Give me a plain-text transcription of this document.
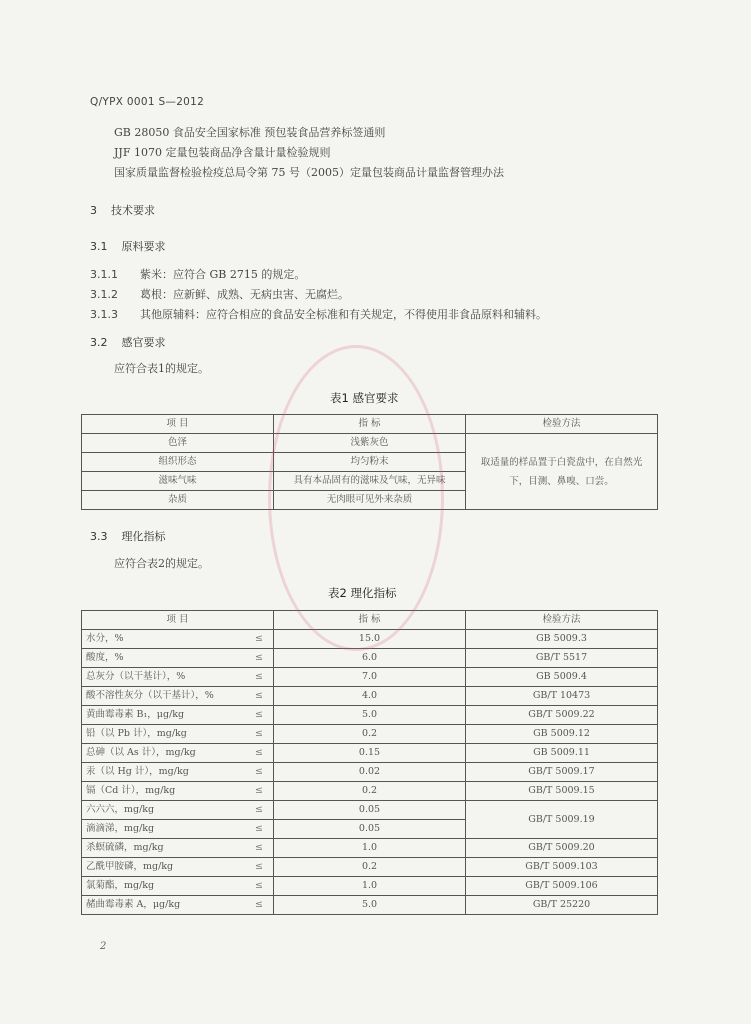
Q/YPX 0001 S—2012
GB 28050 食品安全国家标准 预包装食品营养标签通则
JJF 1070 定量包装商品净含量计量检验规则
国家质量监督检验检疫总局令第 75 号（2005）定量包装商品计量监督管理办法
3 技术要求
3.1 原料要求
3.1.1 紫米：应符合 GB 2715 的规定。
3.1.2 葛根：应新鲜、成熟、无病虫害、无腐烂。
3.1.3 其他原辅料：应符合相应的食品安全标准和有关规定，不得使用非食品原料和辅料。
3.2 感官要求
应符合表1的规定。
表1 感官要求
项 目	指 标	检验方法
色泽	浅紫灰色	取适量的样品置于白瓷盘中，在自然光下，目测、鼻嗅、口尝。
组织形态	均匀粉末	
滋味气味	具有本品固有的滋味及气味，无异味	
杂质	无肉眼可见外来杂质	
3.3 理化指标
应符合表2的规定。
表2 理化指标
项 目		指 标	检验方法
水分，%	≤	15.0	GB 5009.3
酸度，%	≤	6.0	GB/T 5517
总灰分（以干基计），%	≤	7.0	GB 5009.4
酸不溶性灰分（以干基计），%	≤	4.0	GB/T 10473
黄曲霉毒素 B₁，μg/kg	≤	5.0	GB/T 5009.22
铅（以 Pb 计），mg/kg	≤	0.2	GB 5009.12
总砷（以 As 计），mg/kg	≤	0.15	GB 5009.11
汞（以 Hg 计），mg/kg	≤	0.02	GB/T 5009.17
镉（Cd 计），mg/kg	≤	0.2	GB/T 5009.15
六六六，mg/kg	≤	0.05	GB/T 5009.19
滴滴涕，mg/kg	≤	0.05	
杀螟硫磷，mg/kg	≤	1.0	GB/T 5009.20
乙酰甲胺磷，mg/kg	≤	0.2	GB/T 5009.103
氯菊酯，mg/kg	≤	1.0	GB/T 5009.106
赭曲霉毒素 A，μg/kg	≤	5.0	GB/T 25220
2
